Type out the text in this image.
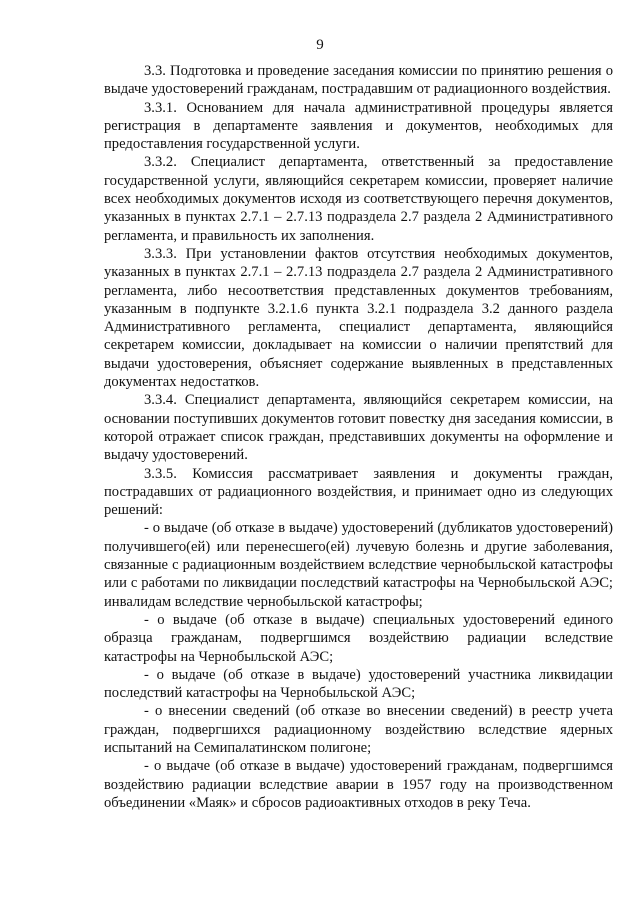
9

3.3. Подготовка и проведение заседания комиссии по принятию решения о выдаче удостоверений гражданам, пострадавшим от радиационного воздействия.

3.3.1. Основанием для начала административной процедуры является регистрация в департаменте заявления и документов, необходимых для предоставления государственной услуги.

3.3.2. Специалист департамента, ответственный за предоставление государственной услуги, являющийся секретарем комиссии, проверяет наличие всех необходимых документов исходя из соответствующего перечня документов, указанных в пунктах 2.7.1 – 2.7.13 подраздела 2.7 раздела 2 Административного регламента, и правильность их заполнения.

3.3.3. При установлении фактов отсутствия необходимых документов, указанных в пунктах 2.7.1 – 2.7.13 подраздела 2.7 раздела 2 Административного регламента, либо несоответствия представленных документов требованиям, указанным в подпункте 3.2.1.6 пункта 3.2.1 подраздела 3.2 данного раздела Административного регламента, специалист департамента, являющийся секретарем комиссии, докладывает на комиссии о наличии препятствий для выдачи удостоверения, объясняет содержание выявленных в представленных документах недостатков.

3.3.4. Специалист департамента, являющийся секретарем комиссии, на основании поступивших документов готовит повестку дня заседания комиссии, в которой отражает список граждан, представивших документы на оформление и выдачу удостоверений.

3.3.5. Комиссия рассматривает заявления и документы граждан, пострадавших от радиационного воздействия, и принимает одно из следующих решений:

- о выдаче (об отказе в выдаче) удостоверений (дубликатов удостоверений) получившего(ей) или перенесшего(ей) лучевую болезнь и другие заболевания, связанные с радиационным воздействием вследствие чернобыльской катастрофы или с работами по ликвидации последствий катастрофы на Чернобыльской АЭС; инвалидам вследствие чернобыльской катастрофы;

- о выдаче (об отказе в выдаче) специальных удостоверений единого образца гражданам, подвергшимся воздействию радиации вследствие катастрофы на Чернобыльской АЭС;

- о выдаче (об отказе в выдаче) удостоверений участника ликвидации последствий катастрофы на Чернобыльской АЭС;

- о внесении сведений (об отказе во внесении сведений) в реестр учета граждан, подвергшихся радиационному воздействию вследствие ядерных испытаний на Семипалатинском полигоне;

- о выдаче (об отказе в выдаче) удостоверений гражданам, подвергшимся воздействию радиации вследствие аварии в 1957 году на производственном объединении «Маяк» и сбросов радиоактивных отходов в реку Теча.
